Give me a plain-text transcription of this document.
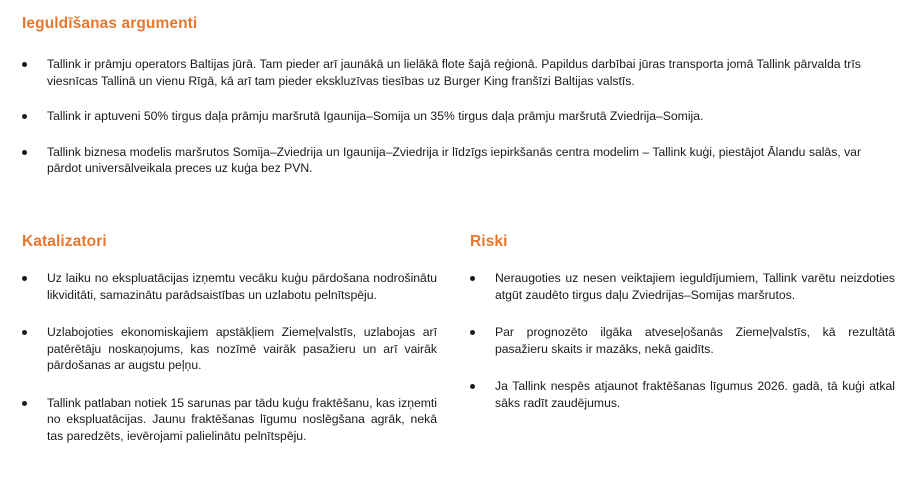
Ieguldīšanas argumenti
Tallink ir prāmju operators Baltijas jūrā. Tam pieder arī jaunākā un lielākā flote šajā reģionā. Papildus darbībai jūras transporta jomā Tallink pārvalda trīs viesnīcas Tallinā un vienu Rīgā, kā arī tam pieder ekskluzīvas tiesības uz Burger King franšīzi Baltijas valstīs.
Tallink ir aptuveni 50% tirgus daļa prāmju maršrutā Igaunija–Somija un 35% tirgus daļa prāmju maršrutā Zviedrija–Somija.
Tallink biznesa modelis maršrutos Somija–Zviedrija un Igaunija–Zviedrija ir līdzīgs iepirkšanās centra modelim – Tallink kuģi, piestājot Ālandu salās, var pārdot universālveikala preces uz kuģa bez PVN.
Katalizatori
Uz laiku no ekspluatācijas izņemtu vecāku kuģu pārdošana nodrošinātu likviditāti, samazinātu parādsaistības un uzlabotu pelnītspēju.
Uzlabojoties ekonomiskajiem apstākļiem Ziemeļvalstīs, uzlabojas arī patērētāju noskaņojums, kas nozīmē vairāk pasažieru un arī vairāk pārdošanas ar augstu peļņu.
Tallink patlaban notiek 15 sarunas par tādu kuģu fraktēšanu, kas izņemti no ekspluatācijas. Jaunu fraktēšanas līgumu noslēgšana agrāk, nekā tas paredzēts, ievērojami palielinātu pelnītspēju.
Riski
Neraugoties uz nesen veiktajiem ieguldījumiem, Tallink varētu neizdoties atgūt zaudēto tirgus daļu Zviedrijas–Somijas maršrutos.
Par prognozēto ilgāka atveseļošanās Ziemeļvalstīs, kā rezultātā pasažieru skaits ir mazāks, nekā gaidīts.
Ja Tallink nespēs atjaunot fraktēšanas līgumus 2026. gadā, tā kuģi atkal sāks radīt zaudējumus.
